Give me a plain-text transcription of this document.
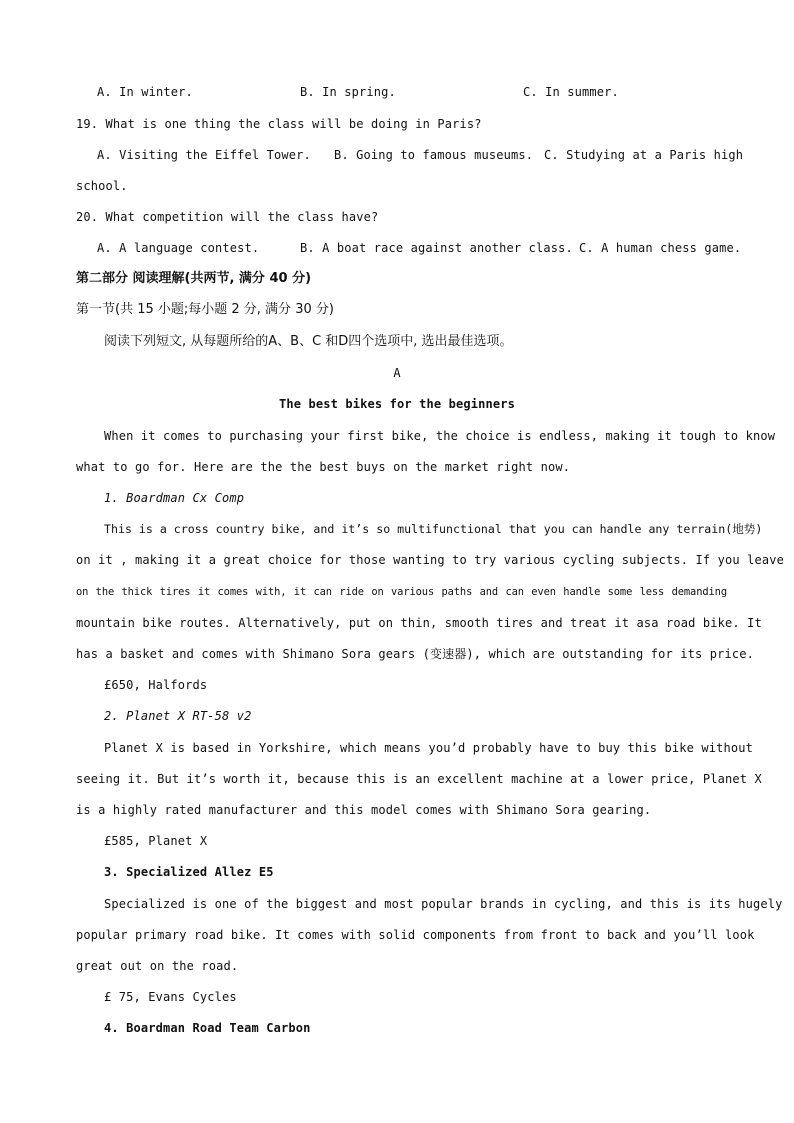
A. In winter.	B. In spring.	C. In summer.
19. What is one thing the class will be doing in Paris?
A. Visiting the Eiffel Tower. B. Going to famous museums. C. Studying at a Paris high
school.
20. What competition will the class have?
A. A language contest.	B. A boat race against another class. C. A human chess game.
第二部分 阅读理解(共两节, 满分 40 分)
第一节(共 15 小题;每小题 2 分, 满分 30 分)
阅读下列短文, 从每题所给的A、B、C 和D四个选项中, 选出最佳选项。
A
The best bikes for the beginners
When it comes to purchasing your first bike, the choice is endless, making it tough to know
what to go for. Here are the the best buys on the market right now.
1. Boardman Cx Comp
This is a cross country bike, and it’s so multifunctional that you can handle any terrain(地势)
on it , making it a great choice for those wanting to try various cycling subjects. If you leave
on the thick tires it comes with, it can ride on various paths and can even handle some less demanding
mountain bike routes. Alternatively, put on thin, smooth tires and treat it asa road bike. It
has a basket and comes with Shimano Sora gears (变速器), which are outstanding for its price.
£650, Halfords
2. Planet X RT-58 v2
Planet X is based in Yorkshire, which means you’d probably have to buy this bike without
seeing it. But it’s worth it, because this is an excellent machine at a lower price, Planet X
is a highly rated manufacturer and this model comes with Shimano Sora gearing.
£585, Planet X
3. Specialized Allez E5
Specialized is one of the biggest and most popular brands in cycling, and this is its hugely
popular primary road bike. It comes with solid components from front to back and you’ll look
great out on the road.
£ 75, Evans Cycles
4. Boardman Road Team Carbon
